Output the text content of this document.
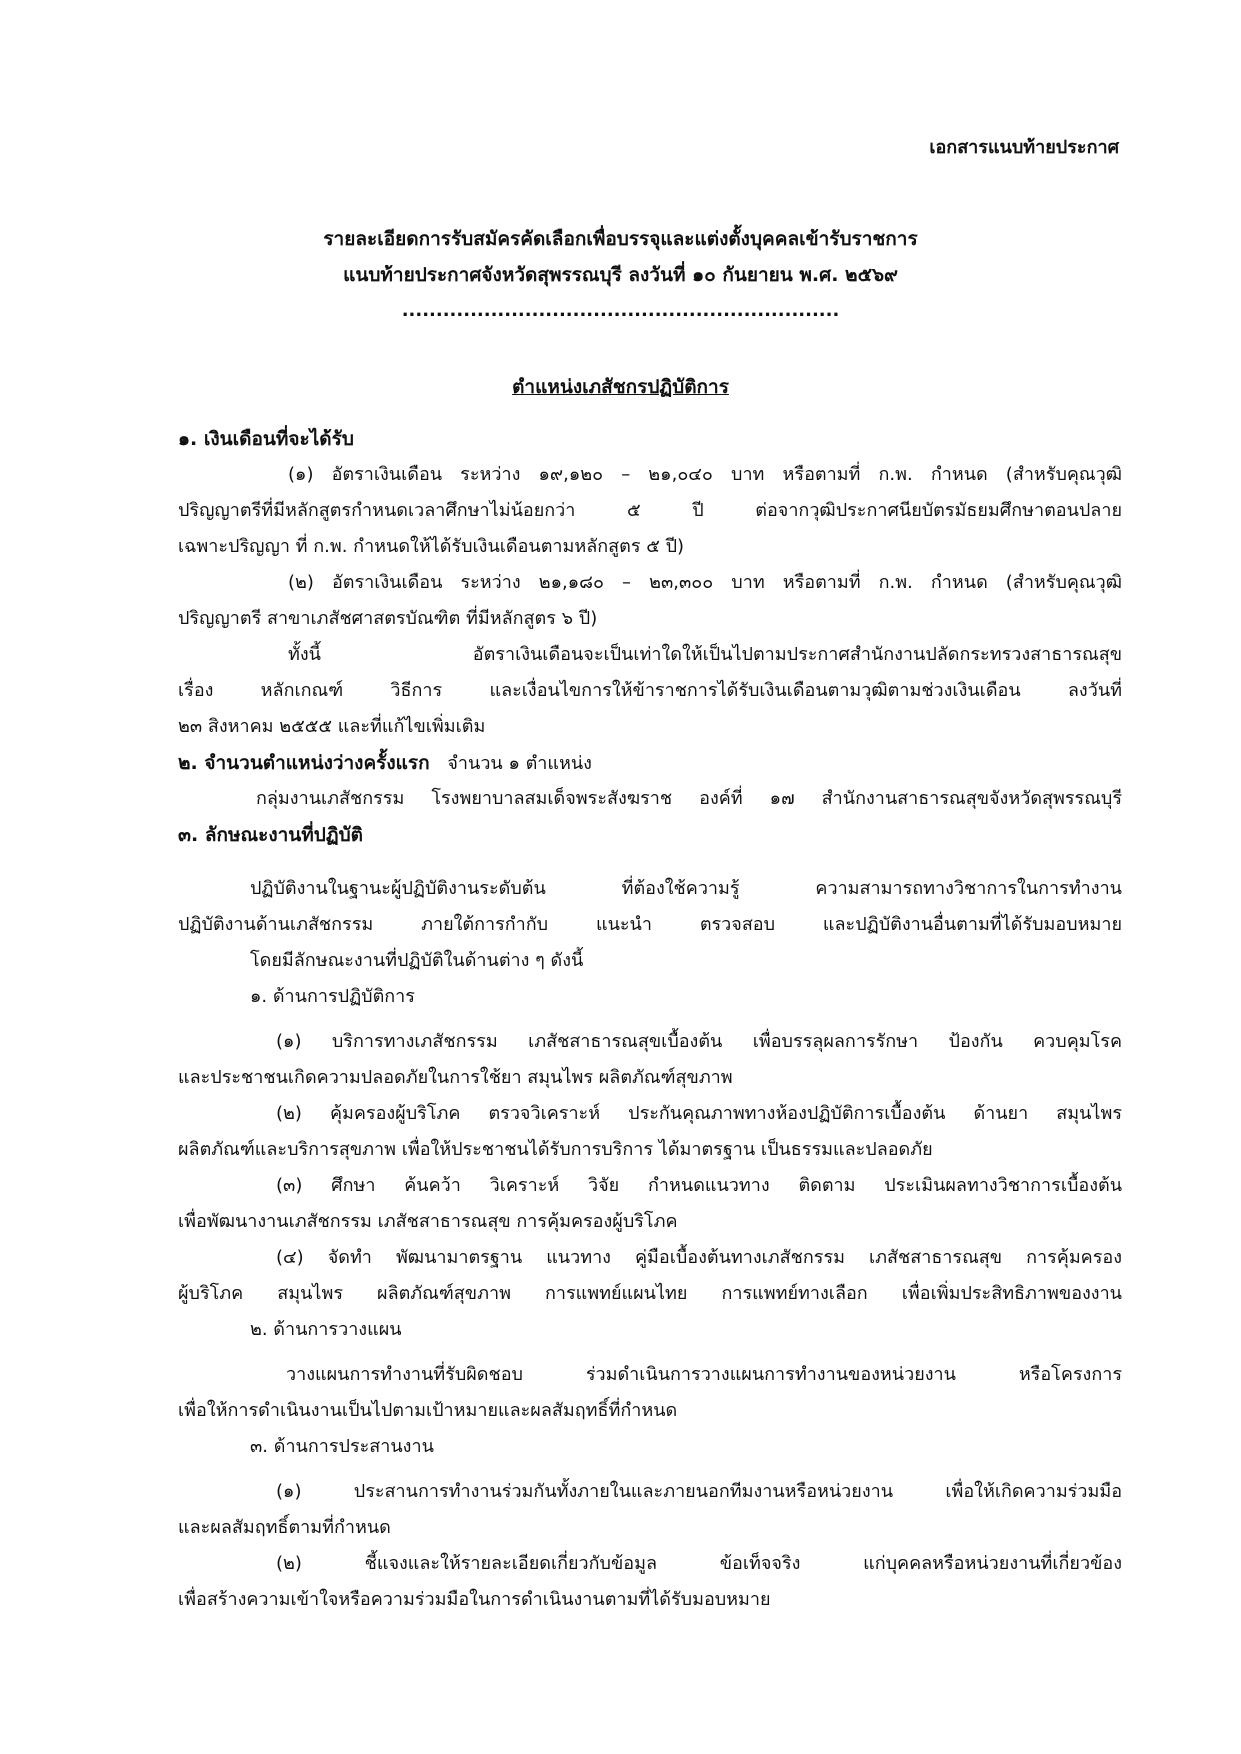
เอกสารแนบท้ายประกาศ
รายละเอียดการรับสมัครคัดเลือกเพื่อบรรจุและแต่งตั้งบุคคลเข้ารับราชการ
แนบท้ายประกาศจังหวัดสุพรรณบุรี ลงวันที่ ๑๐ กันยายน พ.ศ. ๒๕๖๙
................................................................
ตำแหน่งเภสัชกรปฏิบัติการ
๑. เงินเดือนที่จะได้รับ
(๑) อัตราเงินเดือน ระหว่าง ๑๙,๑๒๐ – ๒๑,๐๔๐ บาท หรือตามที่ ก.พ. กำหนด (สำหรับคุณวุฒิ
ปริญญาตรีที่มีหลักสูตรกำหนดเวลาศึกษาไม่น้อยกว่า ๕ ปี ต่อจากวุฒิประกาศนียบัตรมัธยมศึกษาตอนปลาย
เฉพาะปริญญา ที่ ก.พ. กำหนดให้ได้รับเงินเดือนตามหลักสูตร ๕ ปี)
(๒) อัตราเงินเดือน ระหว่าง ๒๑,๑๘๐ – ๒๓,๓๐๐ บาท หรือตามที่ ก.พ. กำหนด (สำหรับคุณวุฒิ
ปริญญาตรี สาขาเภสัชศาสตรบัณฑิต ที่มีหลักสูตร ๖ ปี)
ทั้งนี้ อัตราเงินเดือนจะเป็นเท่าใดให้เป็นไปตามประกาศสำนักงานปลัดกระทรวงสาธารณสุข
เรื่อง หลักเกณฑ์ วิธีการ และเงื่อนไขการให้ข้าราชการได้รับเงินเดือนตามวุฒิตามช่วงเงินเดือน ลงวันที่
๒๓ สิงหาคม ๒๕๕๕ และที่แก้ไขเพิ่มเติม
๒. จำนวนตำแหน่งว่างครั้งแรก จำนวน ๑ ตำแหน่ง
กลุ่มงานเภสัชกรรม โรงพยาบาลสมเด็จพระสังฆราช องค์ที่ ๑๗ สำนักงานสาธารณสุขจังหวัดสุพรรณบุรี
๓. ลักษณะงานที่ปฏิบัติ
ปฏิบัติงานในฐานะผู้ปฏิบัติงานระดับต้น ที่ต้องใช้ความรู้ ความสามารถทางวิชาการในการทำงาน
ปฏิบัติงานด้านเภสัชกรรม ภายใต้การกำกับ แนะนำ ตรวจสอบ และปฏิบัติงานอื่นตามที่ได้รับมอบหมาย
โดยมีลักษณะงานที่ปฏิบัติในด้านต่าง ๆ ดังนี้
๑. ด้านการปฏิบัติการ
(๑) บริการทางเภสัชกรรม เภสัชสาธารณสุขเบื้องต้น เพื่อบรรลุผลการรักษา ป้องกัน ควบคุมโรค
และประชาชนเกิดความปลอดภัยในการใช้ยา สมุนไพร ผลิตภัณฑ์สุขภาพ
(๒) คุ้มครองผู้บริโภค ตรวจวิเคราะห์ ประกันคุณภาพทางห้องปฏิบัติการเบื้องต้น ด้านยา สมุนไพร
ผลิตภัณฑ์และบริการสุขภาพ เพื่อให้ประชาชนได้รับการบริการ ได้มาตรฐาน เป็นธรรมและปลอดภัย
(๓) ศึกษา ค้นคว้า วิเคราะห์ วิจัย กำหนดแนวทาง ติดตาม ประเมินผลทางวิชาการเบื้องต้น
เพื่อพัฒนางานเภสัชกรรม เภสัชสาธารณสุข การคุ้มครองผู้บริโภค
(๔) จัดทำ พัฒนามาตรฐาน แนวทาง คู่มือเบื้องต้นทางเภสัชกรรม เภสัชสาธารณสุข การคุ้มครอง
ผู้บริโภค สมุนไพร ผลิตภัณฑ์สุขภาพ การแพทย์แผนไทย การแพทย์ทางเลือก เพื่อเพิ่มประสิทธิภาพของงาน
๒. ด้านการวางแผน
วางแผนการทำงานที่รับผิดชอบ ร่วมดำเนินการวางแผนการทำงานของหน่วยงาน หรือโครงการ
เพื่อให้การดำเนินงานเป็นไปตามเป้าหมายและผลสัมฤทธิ์ที่กำหนด
๓. ด้านการประสานงาน
(๑) ประสานการทำงานร่วมกันทั้งภายในและภายนอกทีมงานหรือหน่วยงาน เพื่อให้เกิดความร่วมมือ
และผลสัมฤทธิ์ตามที่กำหนด
(๒) ชี้แจงและให้รายละเอียดเกี่ยวกับข้อมูล ข้อเท็จจริง แก่บุคคลหรือหน่วยงานที่เกี่ยวข้อง
เพื่อสร้างความเข้าใจหรือความร่วมมือในการดำเนินงานตามที่ได้รับมอบหมาย
